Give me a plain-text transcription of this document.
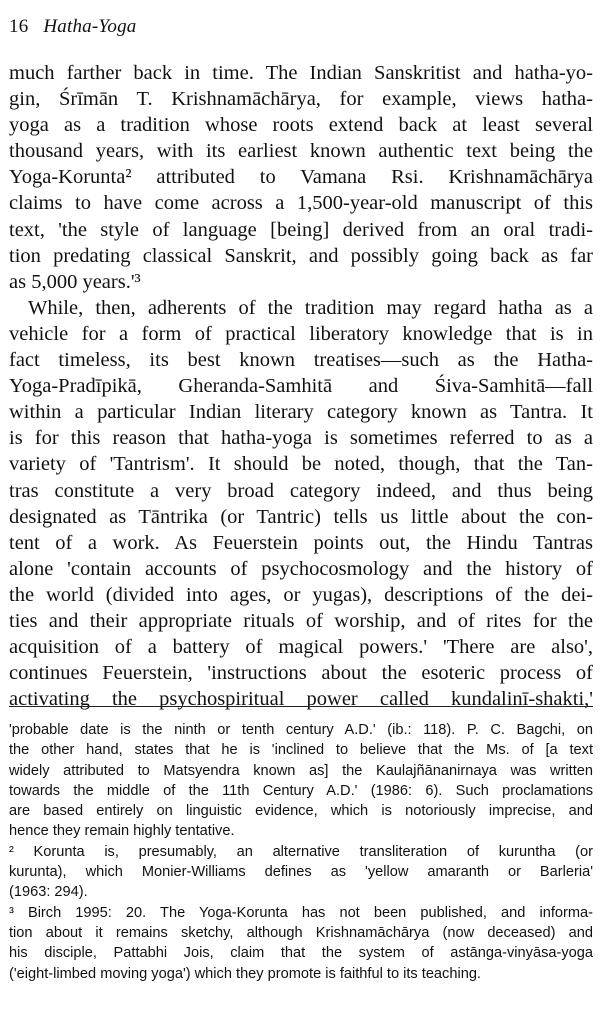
16 Hatha-Yoga
much farther back in time. The Indian Sanskritist and hatha-yo-
gin, Śrīmān T. Krishnamāchārya, for example, views hatha-
yoga as a tradition whose roots extend back at least several
thousand years, with its earliest known authentic text being the
Yoga-Korunta² attributed to Vamana Rsi. Krishnamāchārya
claims to have come across a 1,500-year-old manuscript of this
text, 'the style of language [being] derived from an oral tradi-
tion predating classical Sanskrit, and possibly going back as far
as 5,000 years.'³
While, then, adherents of the tradition may regard hatha as a
vehicle for a form of practical liberatory knowledge that is in
fact timeless, its best known treatises—such as the Hatha-
Yoga-Pradīpikā, Gheranda-Samhitā and Śiva-Samhitā—fall
within a particular Indian literary category known as Tantra. It
is for this reason that hatha-yoga is sometimes referred to as a
variety of 'Tantrism'. It should be noted, though, that the Tan-
tras constitute a very broad category indeed, and thus being
designated as Tāntrika (or Tantric) tells us little about the con-
tent of a work. As Feuerstein points out, the Hindu Tantras
alone 'contain accounts of psychocosmology and the history of
the world (divided into ages, or yugas), descriptions of the dei-
ties and their appropriate rituals of worship, and of rites for the
acquisition of a battery of magical powers.' 'There are also',
continues Feuerstein, 'instructions about the esoteric process of
activating the psychospiritual power called kundalinī-shakti,'
'probable date is the ninth or tenth century A.D.' (ib.: 118). P. C. Bagchi, on
the other hand, states that he is 'inclined to believe that the Ms. of [a text
widely attributed to Matsyendra known as] the Kaulajñānanirnaya was written
towards the middle of the 11th Century A.D.' (1986: 6). Such proclamations
are based entirely on linguistic evidence, which is notoriously imprecise, and
hence they remain highly tentative.
² Korunta is, presumably, an alternative transliteration of kuruntha (or
kurunta), which Monier-Williams defines as 'yellow amaranth or Barleria'
(1963: 294).
³ Birch 1995: 20. The Yoga-Korunta has not been published, and informa-
tion about it remains sketchy, although Krishnamāchārya (now deceased) and
his disciple, Pattabhi Jois, claim that the system of astānga-vinyāsa-yoga
('eight-limbed moving yoga') which they promote is faithful to its teaching.
